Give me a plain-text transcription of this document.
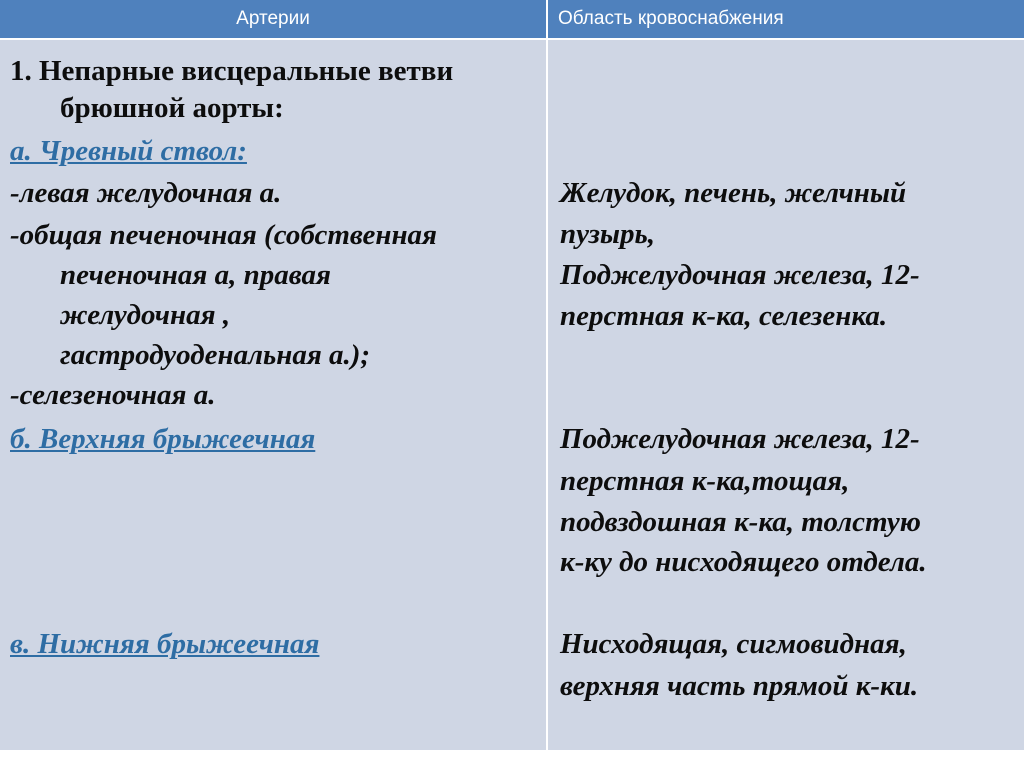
Артерии	Область кровоснабжения
1. Непарные висцеральные ветви
брюшной аорты:
а. Чревный ствол:
-левая желудочная а.
-общая печеночная (собственная
печеночная а, правая
желудочная ,
гастродуоденальная а.);
-селезеночная а.
б. Верхняя брыжеечная
в. Нижняя брыжеечная
Желудок, печень, желчный
пузырь,
Поджелудочная железа, 12-
перстная к-ка, селезенка.
Поджелудочная железа, 12-
перстная к-ка,тощая,
подвздошная к-ка, толстую
к-ку до нисходящего отдела.
Нисходящая, сигмовидная,
верхняя часть прямой к-ки.
